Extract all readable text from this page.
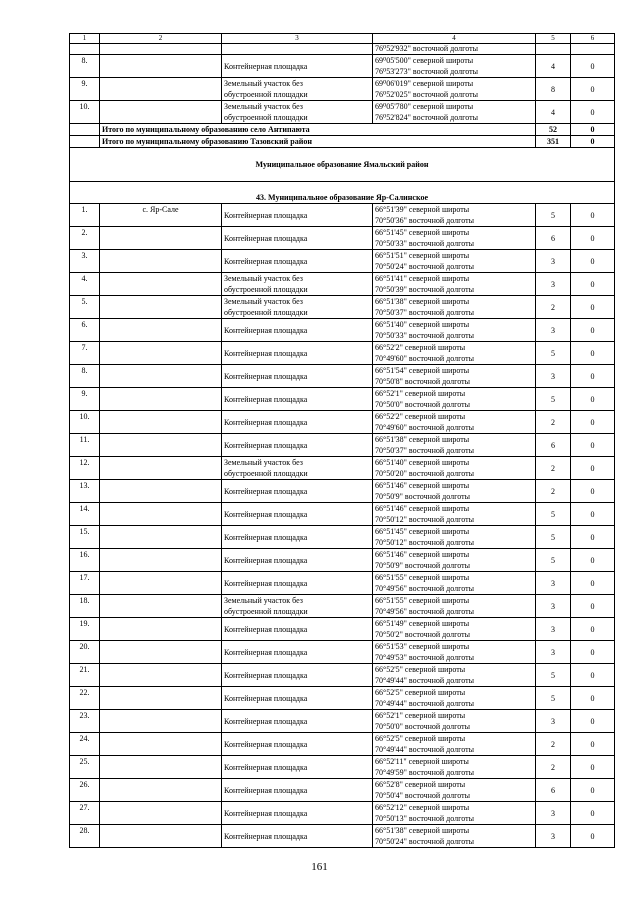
1	2	3	4	5	6
			76⁰52'932" восточной долготы		
8.		Контейнерная площадка	69⁰05'500" северной широты
76⁰53'273" восточной долготы	4	0
9.		Земельный участок без
обустроенной площадки	69⁰06'019" северной широты
76⁰52'025" восточной долготы	8	0
10.		Земельный участок без
обустроенной площадки	69⁰05'780" северной широты
76⁰52'824" восточной долготы	4	0
	Итого по муниципальному образованию село Антипаюта			52	0
	Итого по муниципальному образованию Тазовский район			351	0
Муниципальное образование Ямальский район					
43. Муниципальное образование Яр-Салинское					
1.	с. Яр-Сале	Контейнерная площадка	66°51'39" северной широты
70°50'36" восточной долготы	5	0
2.		Контейнерная площадка	66°51'45" северной широты
70°50'33" восточной долготы	6	0
3.		Контейнерная площадка	66°51'51" северной широты
70°50'24" восточной долготы	3	0
4.		Земельный участок без
обустроенной площадки	66°51'41" северной широты
70°50'39" восточной долготы	3	0
5.		Земельный участок без
обустроенной площадки	66°51'38" северной широты
70°50'37" восточной долготы	2	0
6.		Контейнерная площадка	66°51'40" северной широты
70°50'33" восточной долготы	3	0
7.		Контейнерная площадка	66°52'2" северной широты
70°49'60" восточной долготы	5	0
8.		Контейнерная площадка	66°51'54" северной широты
70°50'8" восточной долготы	3	0
9.		Контейнерная площадка	66°52'1" северной широты
70°50'0" восточной долготы	5	0
10.		Контейнерная площадка	66°52'2" северной широты
70°49'60" восточной долготы	2	0
11.		Контейнерная площадка	66°51'38" северной широты
70°50'37" восточной долготы	6	0
12.		Земельный участок без
обустроенной площадки	66°51'40" северной широты
70°50'20" восточной долготы	2	0
13.		Контейнерная площадка	66°51'46" северной широты
70°50'9" восточной долготы	2	0
14.		Контейнерная площадка	66°51'46" северной широты
70°50'12" восточной долготы	5	0
15.		Контейнерная площадка	66°51'45" северной широты
70°50'12" восточной долготы	5	0
16.		Контейнерная площадка	66°51'46" северной широты
70°50'9" восточной долготы	5	0
17.		Контейнерная площадка	66°51'55" северной широты
70°49'56" восточной долготы	3	0
18.		Земельный участок без
обустроенной площадки	66°51'55" северной широты
70°49'56" восточной долготы	3	0
19.		Контейнерная площадка	66°51'49" северной широты
70°50'2" восточной долготы	3	0
20.		Контейнерная площадка	66°51'53" северной широты
70°49'53" восточной долготы	3	0
21.		Контейнерная площадка	66°52'5" северной широты
70°49'44" восточной долготы	5	0
22.		Контейнерная площадка	66°52'5" северной широты
70°49'44" восточной долготы	5	0
23.		Контейнерная площадка	66°52'1" северной широты
70°50'0" восточной долготы	3	0
24.		Контейнерная площадка	66°52'5" северной широты
70°49'44" восточной долготы	2	0
25.		Контейнерная площадка	66°52'11" северной широты
70°49'59" восточной долготы	2	0
26.		Контейнерная площадка	66°52'8" северной широты
70°50'4" восточной долготы	6	0
27.		Контейнерная площадка	66°52'12" северной широты
70°50'13" восточной долготы	3	0
28.		Контейнерная площадка	66°51'38" северной широты
70°50'24" восточной долготы	3	0
161
